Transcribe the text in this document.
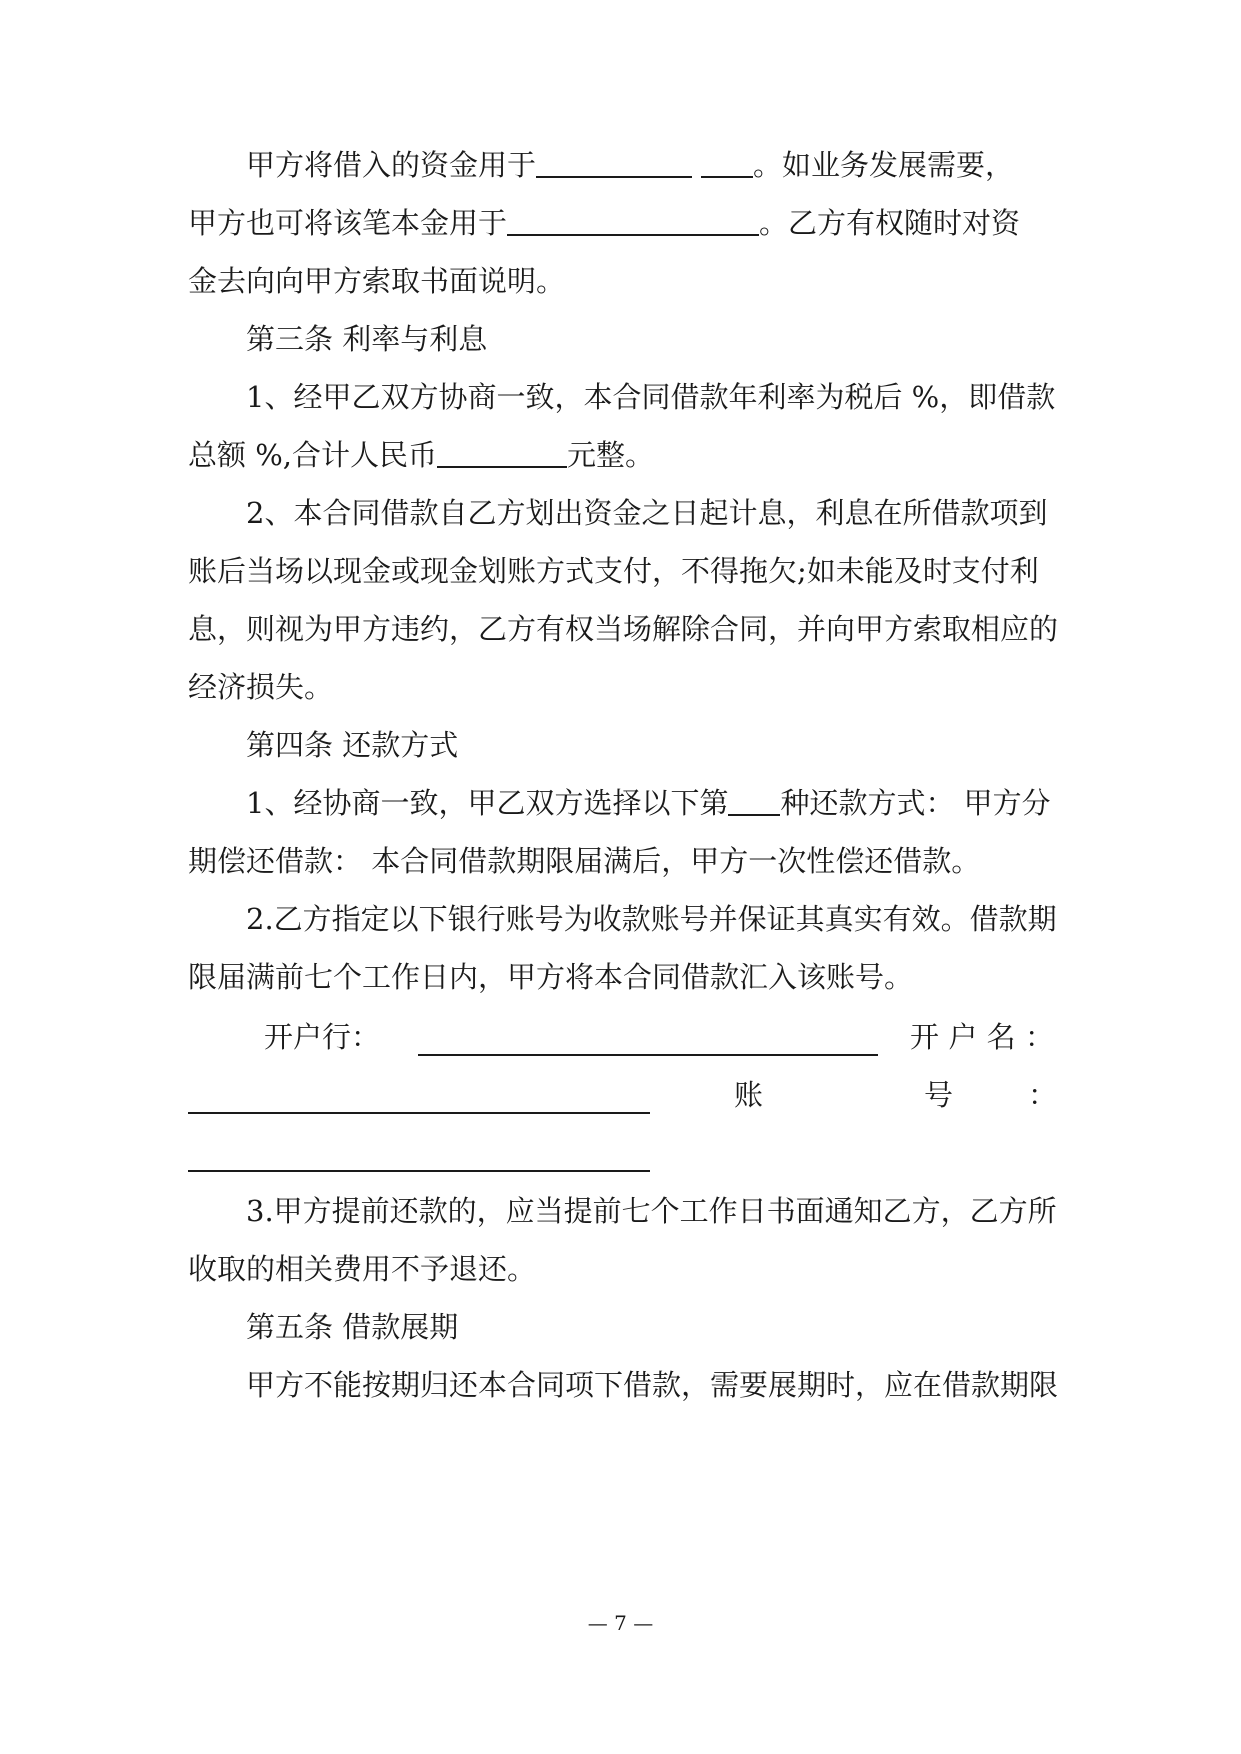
甲方将借入的资金用于	。如业务发展需要，
甲方也可将该笔本金用于	。乙方有权随时对资
金去向向甲方索取书面说明。
第三条 利率与利息
1、经甲乙双方协商一致，本合同借款年利率为税后 %，即借款
总额 %,合计人民币	元整。
2、本合同借款自乙方划出资金之日起计息，利息在所借款项到
账后当场以现金或现金划账方式支付，不得拖欠;如未能及时支付利
息，则视为甲方违约，乙方有权当场解除合同，并向甲方索取相应的
经济损失。
第四条 还款方式
1、经协商一致，甲乙双方选择以下第 种还款方式： 甲方分
期偿还借款： 本合同借款期限届满后，甲方一次性偿还借款。
2.乙方指定以下银行账号为收款账号并保证其真实有效。借款期
限届满前七个工作日内，甲方将本合同借款汇入该账号。
开 户 行 ：	开 户 名 ：
账	号	：
3.甲方提前还款的，应当提前七个工作日书面通知乙方，乙方所
收取的相关费用不予退还。
第五条 借款展期
甲方不能按期归还本合同项下借款，需要展期时，应在借款期限
— 7 —
